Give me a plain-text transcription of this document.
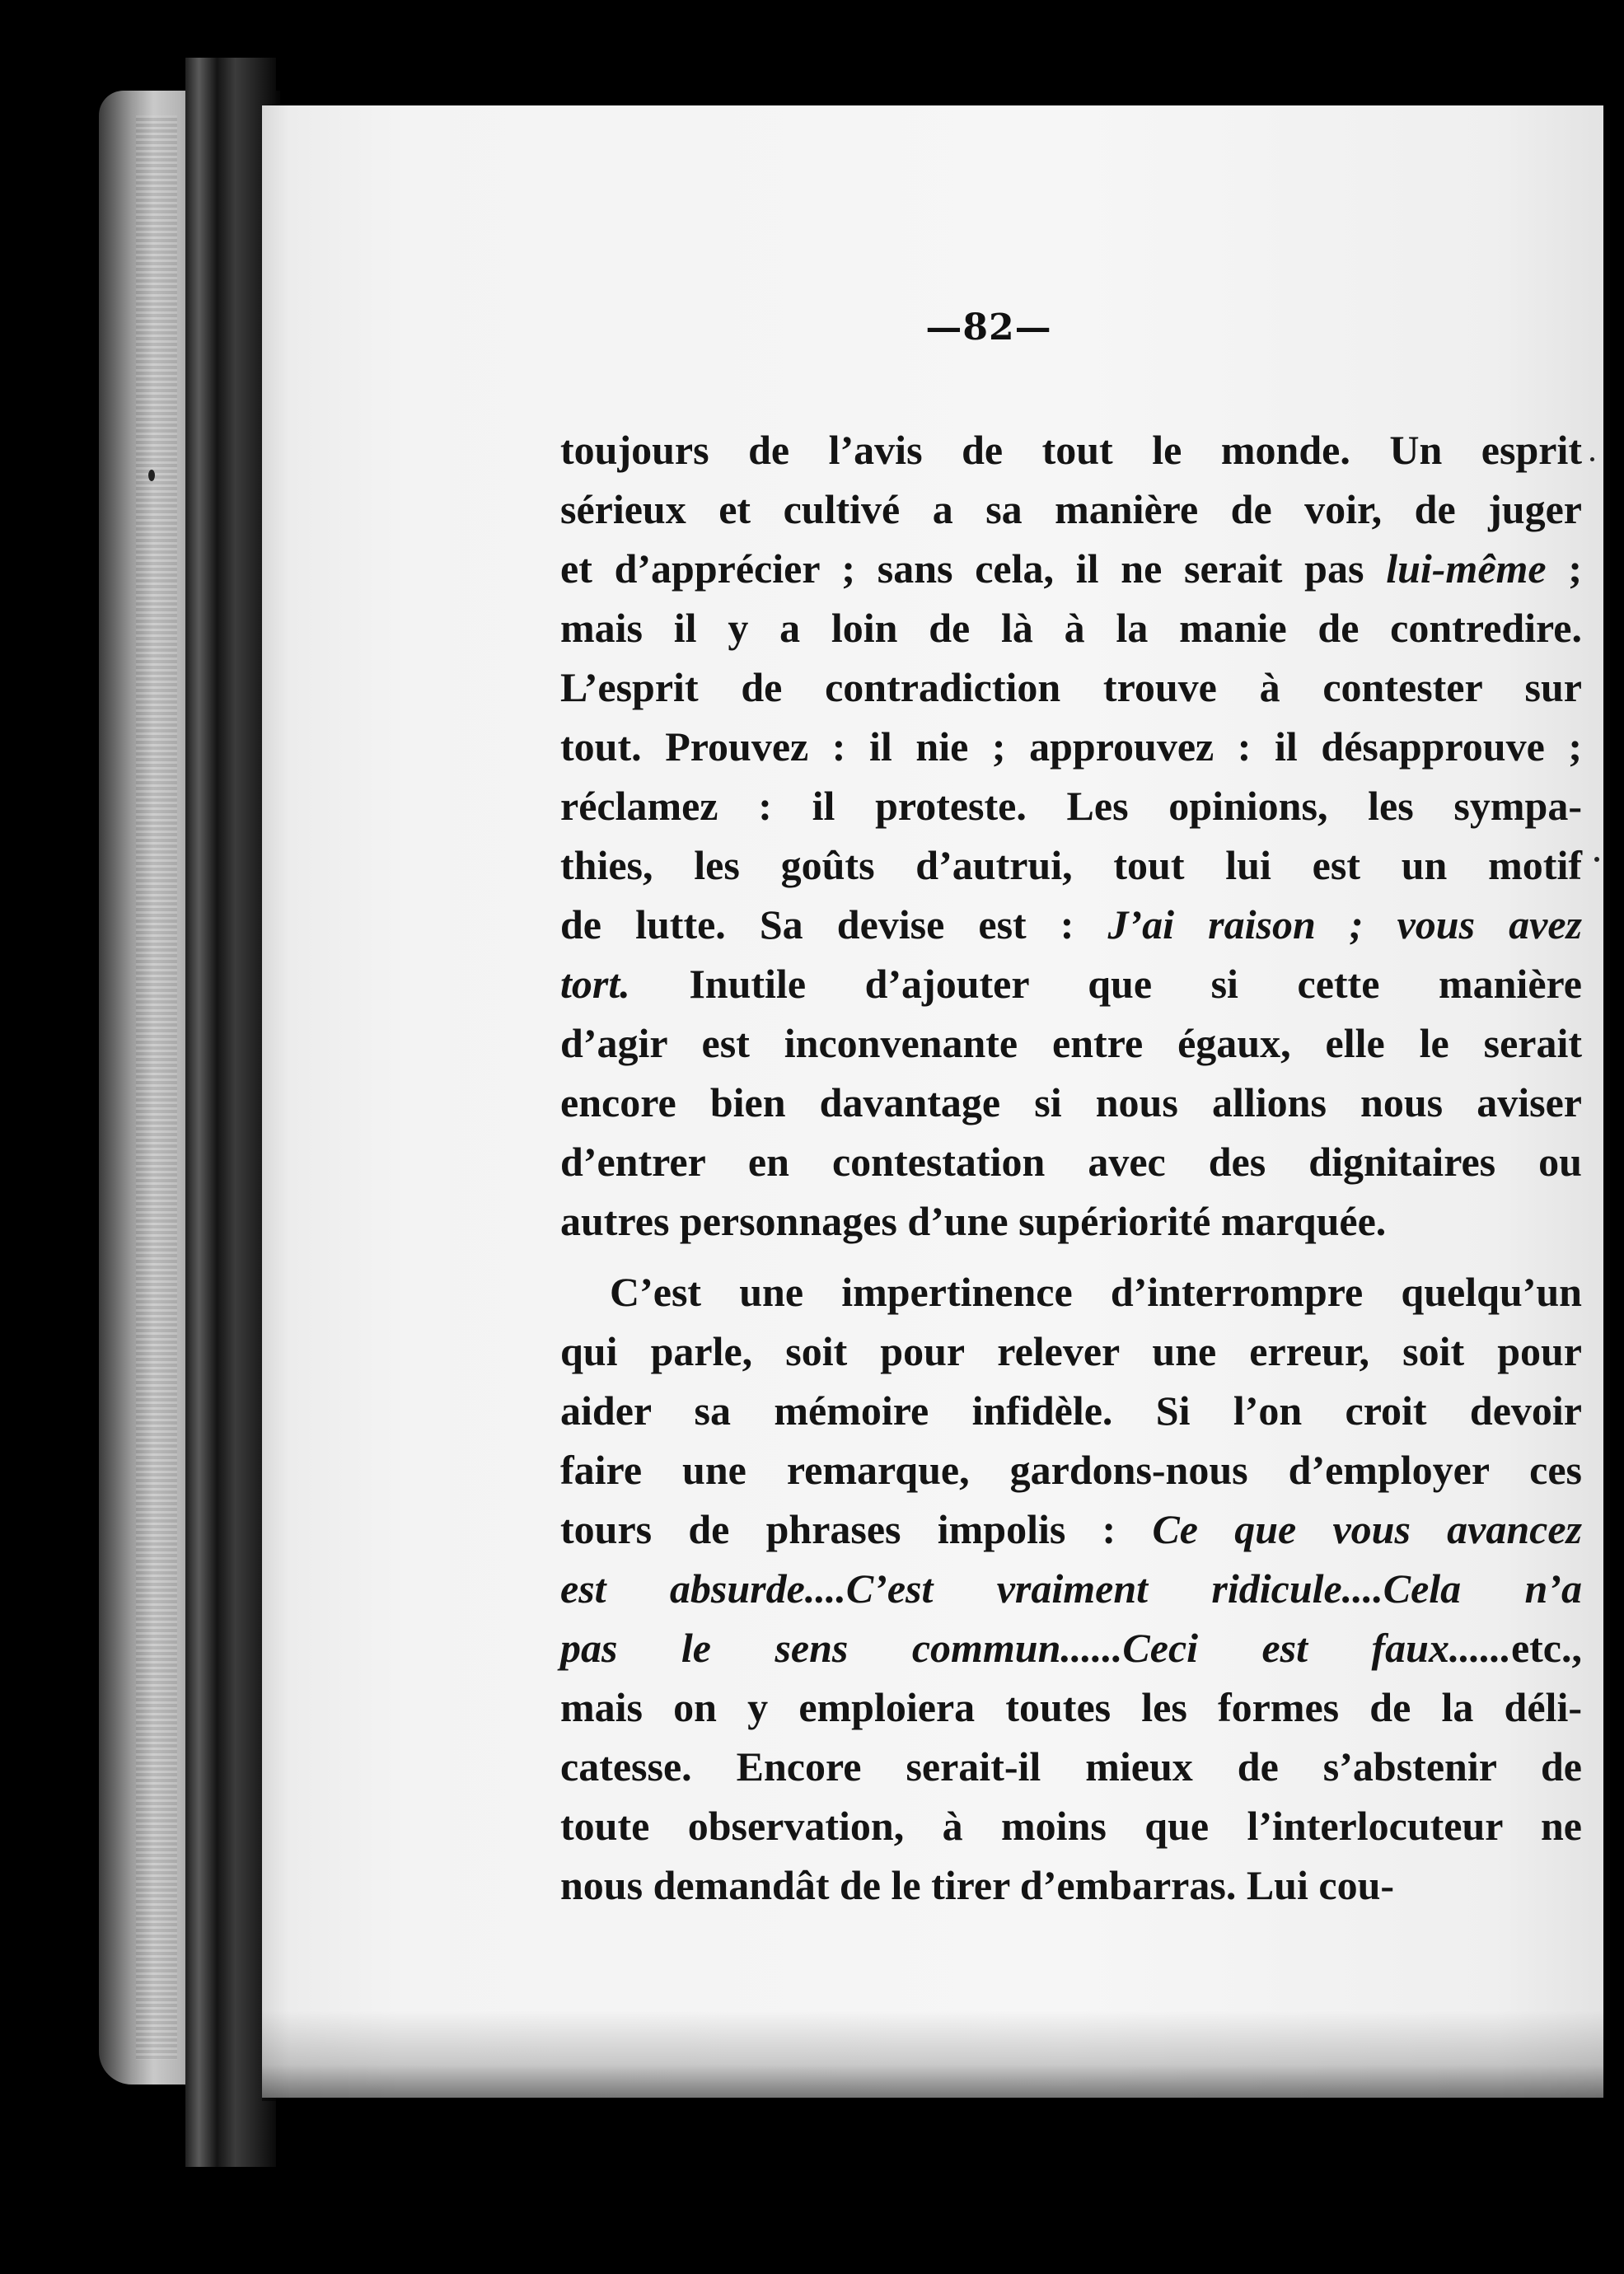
—82—
toujours de l’avis de tout le monde. Un esprit
sérieux et cultivé a sa manière de voir, de juger
et d’apprécier ; sans cela, il ne serait pas lui-même ;
mais il y a loin de là à la manie de contredire.
L’esprit de contradiction trouve à contester sur
tout. Prouvez : il nie ; approuvez : il désapprouve ;
réclamez : il proteste. Les opinions, les sympa-
thies, les goûts d’autrui, tout lui est un motif
de lutte. Sa devise est : J’ai raison ; vous avez
tort. Inutile d’ajouter que si cette manière
d’agir est inconvenante entre égaux, elle le serait
encore bien davantage si nous allions nous aviser
d’entrer en contestation avec des dignitaires ou
autres personnages d’une supériorité marquée.
C’est une impertinence d’interrompre quelqu’un
qui parle, soit pour relever une erreur, soit pour
aider sa mémoire infidèle. Si l’on croit devoir
faire une remarque, gardons-nous d’employer ces
tours de phrases impolis : Ce que vous avancez
est absurde....C’est vraiment ridicule....Cela n’a
pas le sens commun......Ceci est faux......etc.,
mais on y emploiera toutes les formes de la déli-
catesse. Encore serait-il mieux de s’abstenir de
toute observation, à moins que l’interlocuteur ne
nous demandât de le tirer d’embarras. Lui cou-
